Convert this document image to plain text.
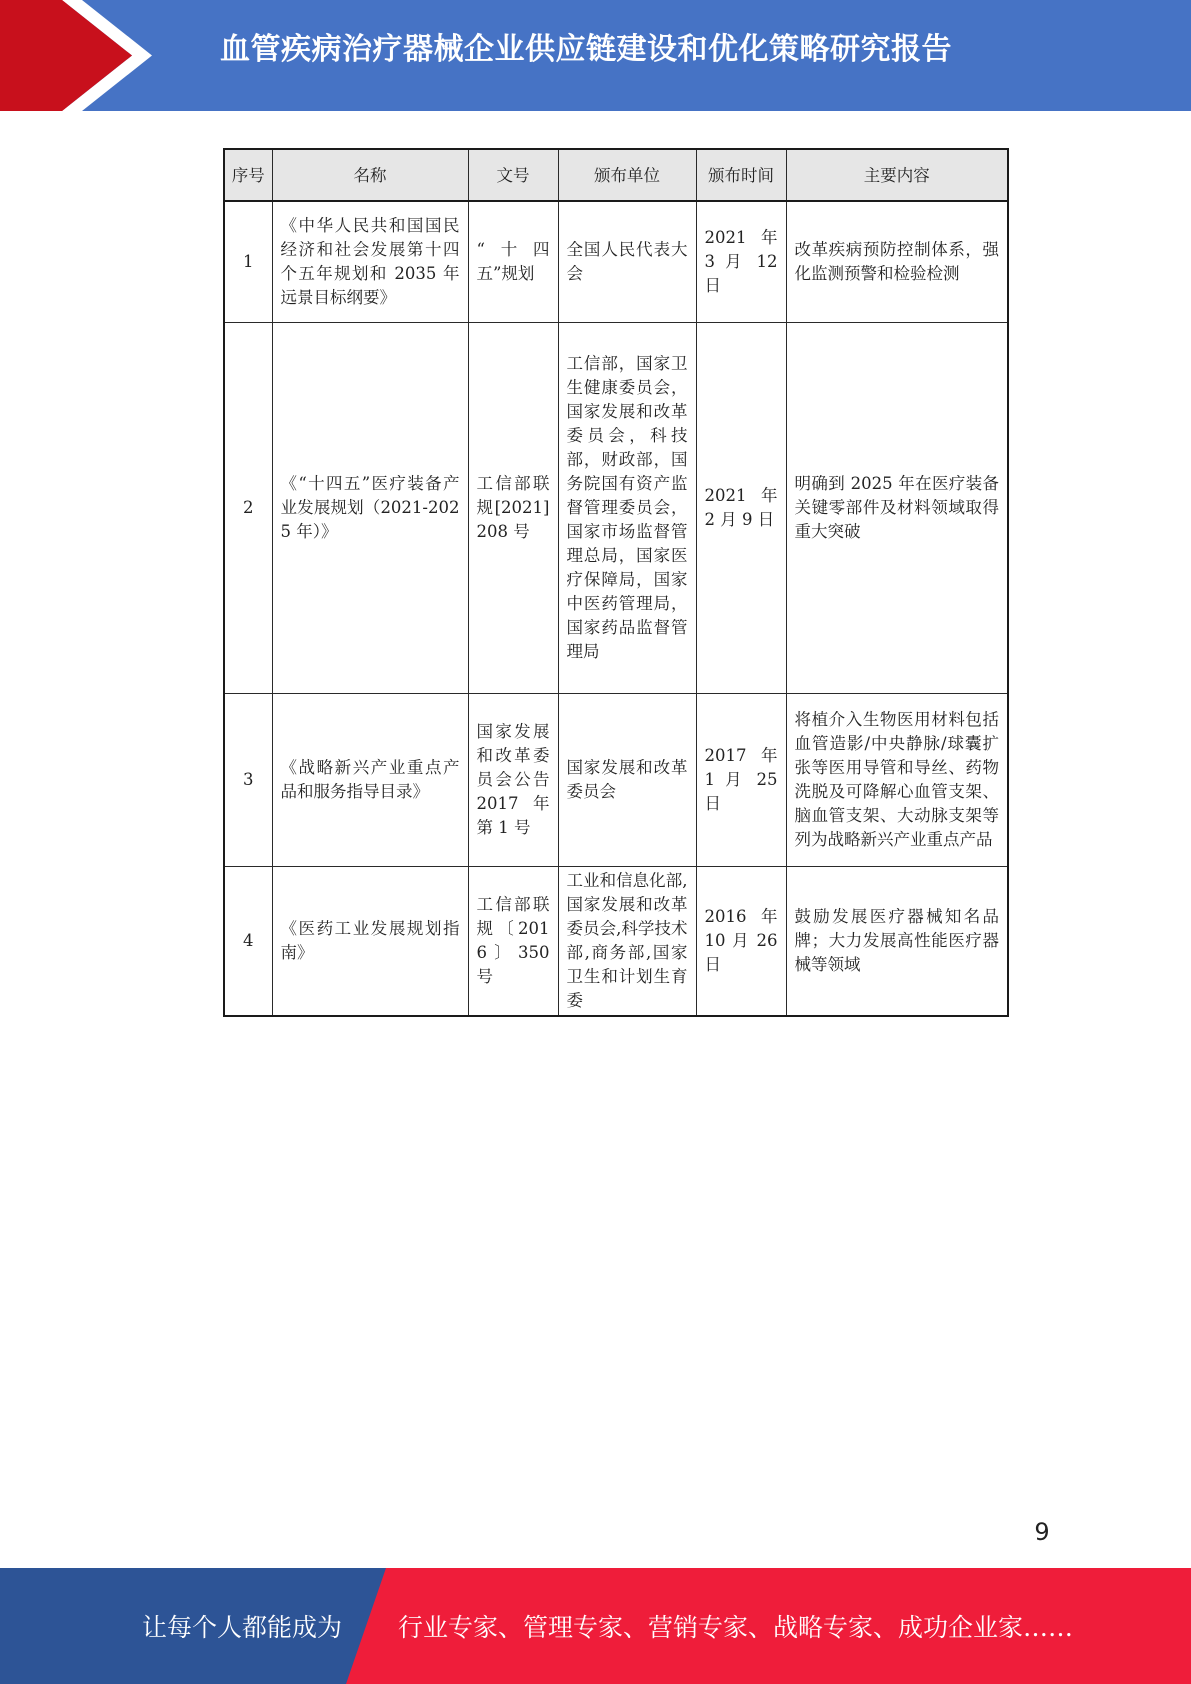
血管疾病治疗器械企业供应链建设和优化策略研究报告
序号	名称	文号	颁布单位	颁布时间	主要内容
1	《中华人民共和国国民经济和社会发展第十四个五年规划和 2035 年远景目标纲要》	“十四五”规划	全国人民代表大会	2021 年 3 月 12 日	改革疾病预防控制体系，强化监测预警和检验检测
2	《“十四五”医疗装备产业发展规划（2021-2025 年）》	工信部联规[2021]208 号	工信部，国家卫生健康委员会，国家发展和改革委员会，科技部，财政部，国务院国有资产监督管理委员会，国家市场监督管理总局，国家医疗保障局，国家中医药管理局，国家药品监督管理局	2021 年 2 月 9 日	明确到 2025 年在医疗装备关键零部件及材料领域取得重大突破
3	《战略新兴产业重点产品和服务指导目录》	国家发展和改革委员会公告 2017 年第 1 号	国家发展和改革委员会	2017 年 1 月 25 日	将植介入生物医用材料包括血管造影/中央静脉/球囊扩张等医用导管和导丝、药物洗脱及可降解心血管支架、脑血管支架、大动脉支架等列为战略新兴产业重点产品
4	《医药工业发展规划指南》	工信部联规〔2016〕350 号	工业和信息化部,国家发展和改革委员会,科学技术部,商务部,国家卫生和计划生育委	2016 年 10 月 26 日	鼓励发展医疗器械知名品牌；大力发展高性能医疗器械等领域
9
让每个人都能成为 行业专家、管理专家、营销专家、战略专家、成功企业家……
